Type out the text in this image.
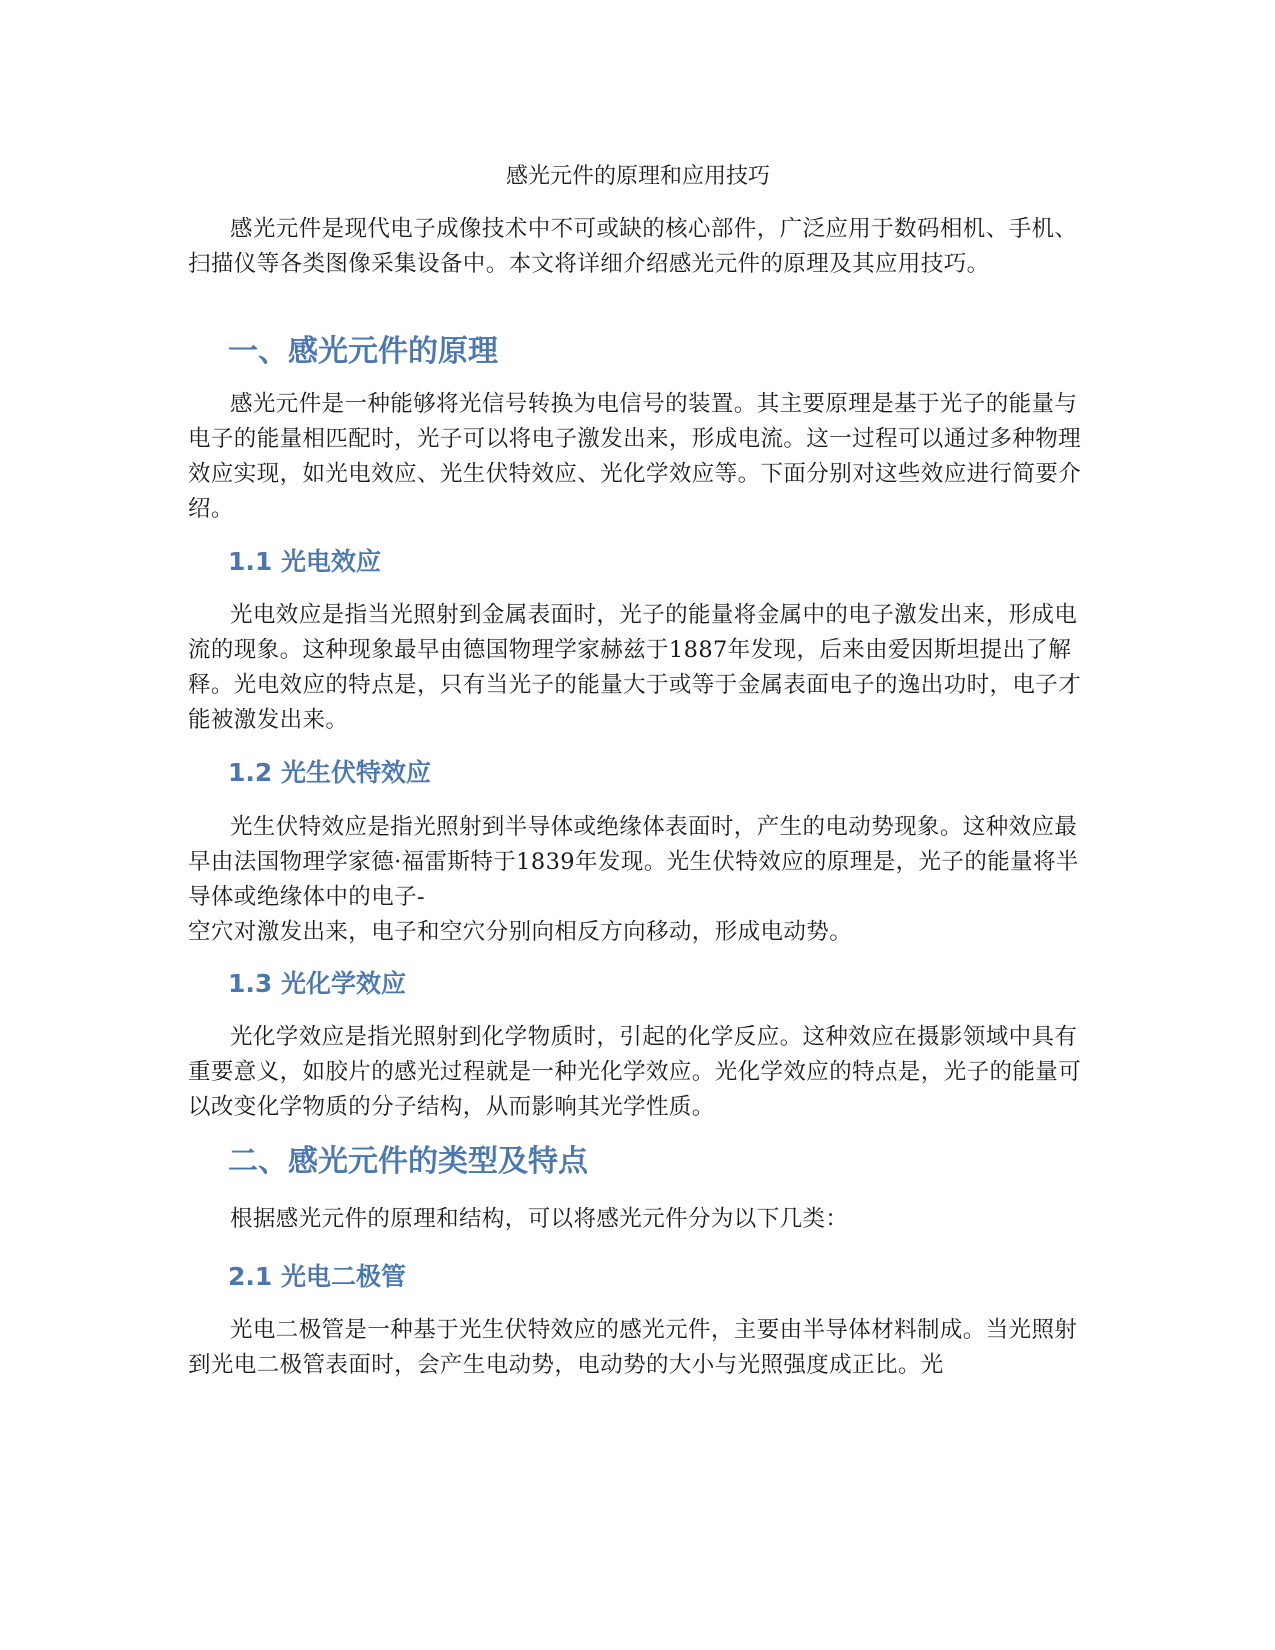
感光元件的原理和应用技巧
感光元件是现代电子成像技术中不可或缺的核心部件，广泛应用于数码相机、手机、扫描仪等各类图像采集设备中。本文将详细介绍感光元件的原理及其应用技巧。
一、感光元件的原理
感光元件是一种能够将光信号转换为电信号的装置。其主要原理是基于光子的能量与电子的能量相匹配时，光子可以将电子激发出来，形成电流。这一过程可以通过多种物理效应实现，如光电效应、光生伏特效应、光化学效应等。下面分别对这些效应进行简要介绍。
1.1 光电效应
光电效应是指当光照射到金属表面时，光子的能量将金属中的电子激发出来，形成电流的现象。这种现象最早由德国物理学家赫兹于1887年发现，后来由爱因斯坦提出了解释。光电效应的特点是，只有当光子的能量大于或等于金属表面电子的逸出功时，电子才能被激发出来。
1.2 光生伏特效应
光生伏特效应是指光照射到半导体或绝缘体表面时，产生的电动势现象。这种效应最早由法国物理学家德·福雷斯特于1839年发现。光生伏特效应的原理是，光子的能量将半导体或绝缘体中的电子-
空穴对激发出来，电子和空穴分别向相反方向移动，形成电动势。
1.3 光化学效应
光化学效应是指光照射到化学物质时，引起的化学反应。这种效应在摄影领域中具有重要意义，如胶片的感光过程就是一种光化学效应。光化学效应的特点是，光子的能量可以改变化学物质的分子结构，从而影响其光学性质。
二、感光元件的类型及特点
根据感光元件的原理和结构，可以将感光元件分为以下几类：
2.1 光电二极管
光电二极管是一种基于光生伏特效应的感光元件，主要由半导体材料制成。当光照射到光电二极管表面时，会产生电动势，电动势的大小与光照强度成正比。光
